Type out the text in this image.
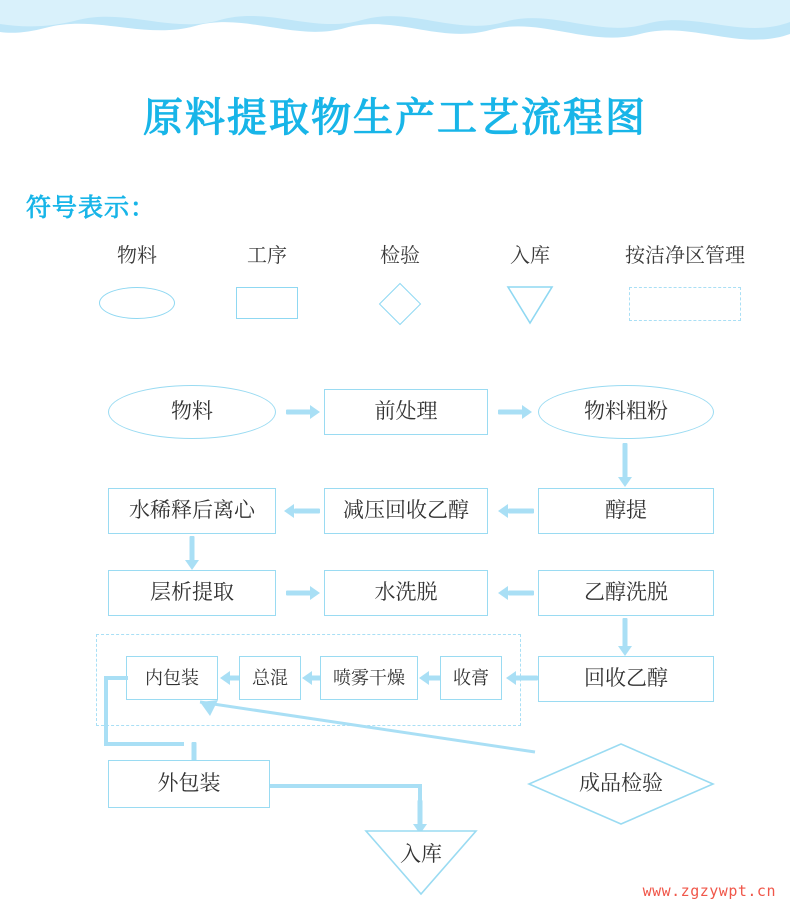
原料提取物生产工艺流程图
符号表示：
物料	工序	检验	入库	按洁净区管理
物料	前处理	物料粗粉
水稀释后离心	减压回收乙醇	醇提
层析提取	水洗脱	乙醇洗脱
内包装	总混	喷雾干燥	收膏	回收乙醇
外包装	成品检验
入库
www.zgzywpt.cn
